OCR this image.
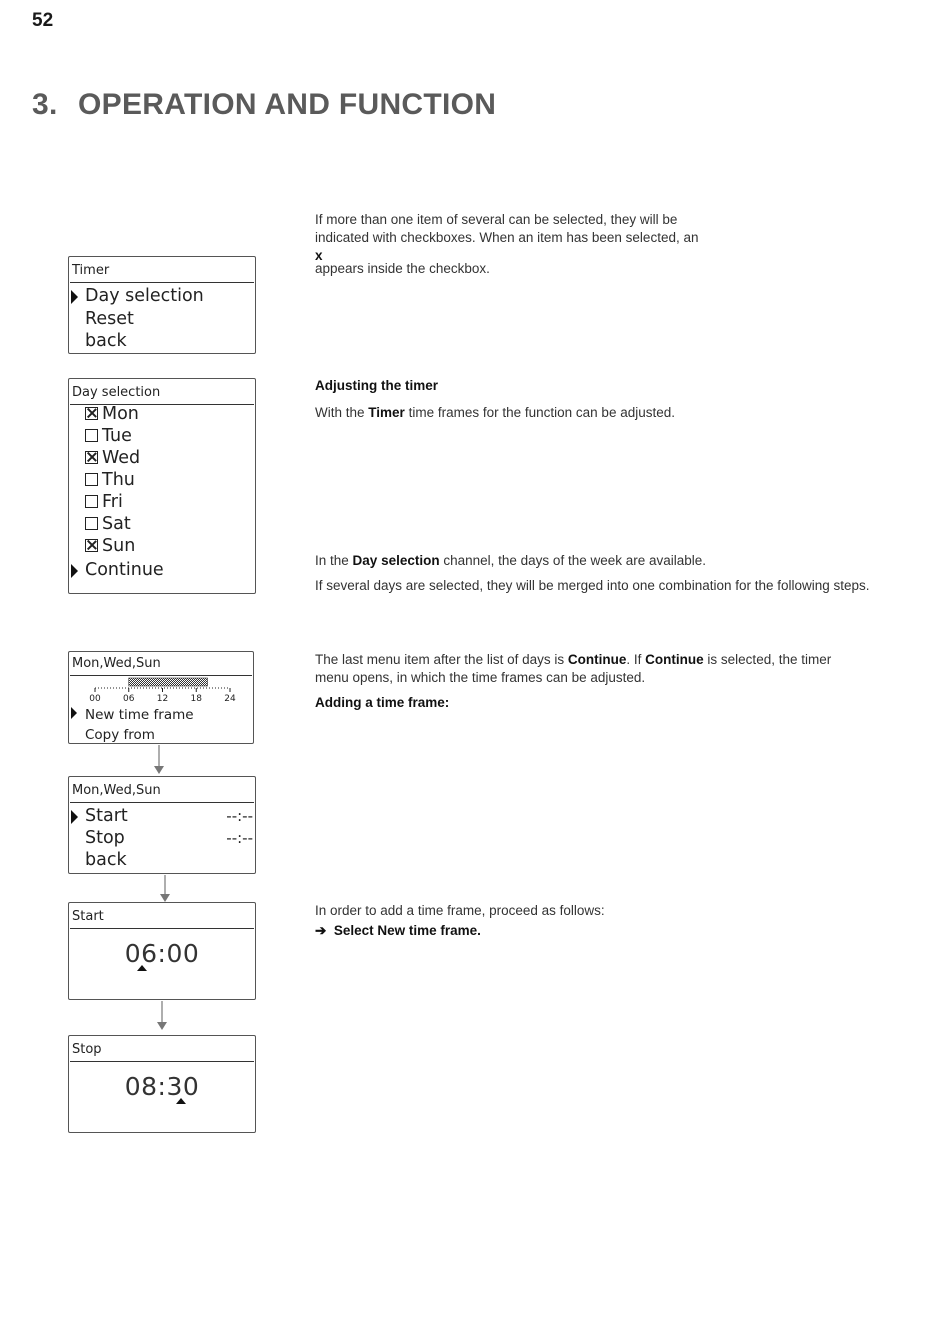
52
3. OPERATION AND FUNCTION
If more than one item of several can be selected, they will be indicated with checkboxes. When an item has been selected, an x
appears inside the checkbox.
Adjusting the timer
With the Timer time frames for the function can be adjusted.
In the Day selection channel, the days of the week are available.
If several days are selected, they will be merged into one combination for the following steps.
The last menu item after the list of days is Continue. If Continue is selected, the timer menu opens, in which the time frames can be adjusted.
Adding a time frame:
In order to add a time frame, proceed as follows:
➔ Select New time frame.
Timer
Day selection
Reset
back
Day selection
Mon
Tue
Wed
Thu
Fri
Sat
Sun
Continue
Mon,Wed,Sun
00 06 12 18 24
New time frame
Copy from
Mon,Wed,Sun
Start	--:--
Stop	--:--
back
Start
06:00
Stop
08:30
